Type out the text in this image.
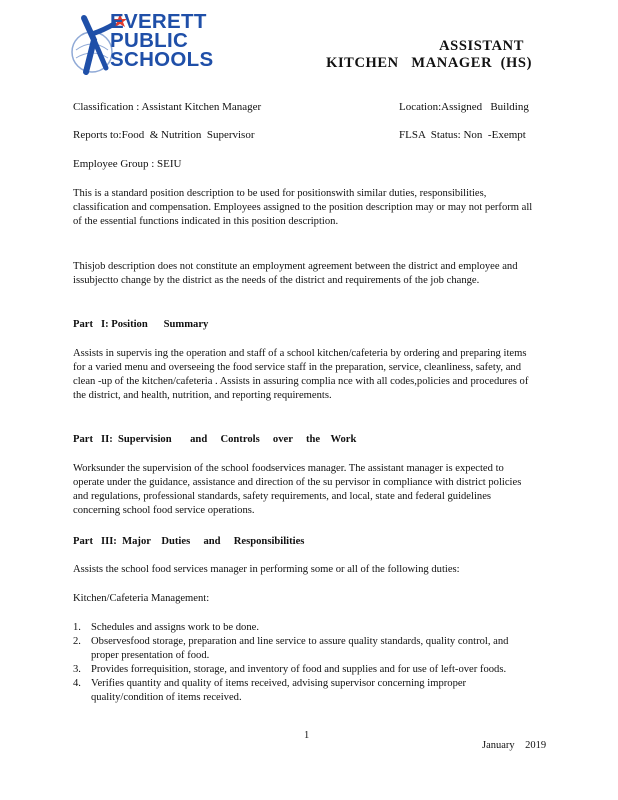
EVERETT
PUBLIC
SCHOOLS
ASSISTANT
KITCHEN   MANAGER  (HS)
Classification : Assistant Kitchen Manager	Location:Assigned   Building
Reports to:Food  & Nutrition  Supervisor	FLSA  Status: Non  -Exempt
Employee Group : SEIU

This is a standard position description to be used for positionswith similar duties, responsibilities, classification and compensation. Employees assigned to the position description may or may not perform all of the essential functions indicated in this position description.

Thisjob description does not constitute an employment agreement between the district and employee and issubjectto change by the district as the needs of the district and requirements of the job change.

Part   I: Position      Summary

Assists in supervis ing the operation and staff of a school kitchen/cafeteria by ordering and preparing items for a varied menu and overseeing the food service staff in the preparation, service, cleanliness, safety, and clean -up of the kitchen/cafeteria . Assists in assuring complia nce with all codes,policies and procedures of the district, and health, nutrition, and reporting requirements.

Part   II:  Supervision       and     Controls     over     the    Work

Worksunder the supervision of the school foodservices manager. The assistant manager is expected to operate under the guidance, assistance and direction of the su pervisor in compliance with district policies and regulations, professional standards, safety requirements, and local, state and federal guidelines concerning school food service operations.

Part   III:  Major    Duties     and     Responsibilities
Assists the school food services manager in performing some or all of the following duties:
Kitchen/Cafeteria Management:
1. Schedules and assigns work to be done.
2. Observesfood storage, preparation and line service to assure quality standards, quality control, and proper presentation of food.
3. Provides forrequisition, storage, and inventory of food and supplies and for use of left-over foods.
4. Verifies quantity and quality of items received, advising supervisor concerning improper quality/condition of items received.
1
January    2019
